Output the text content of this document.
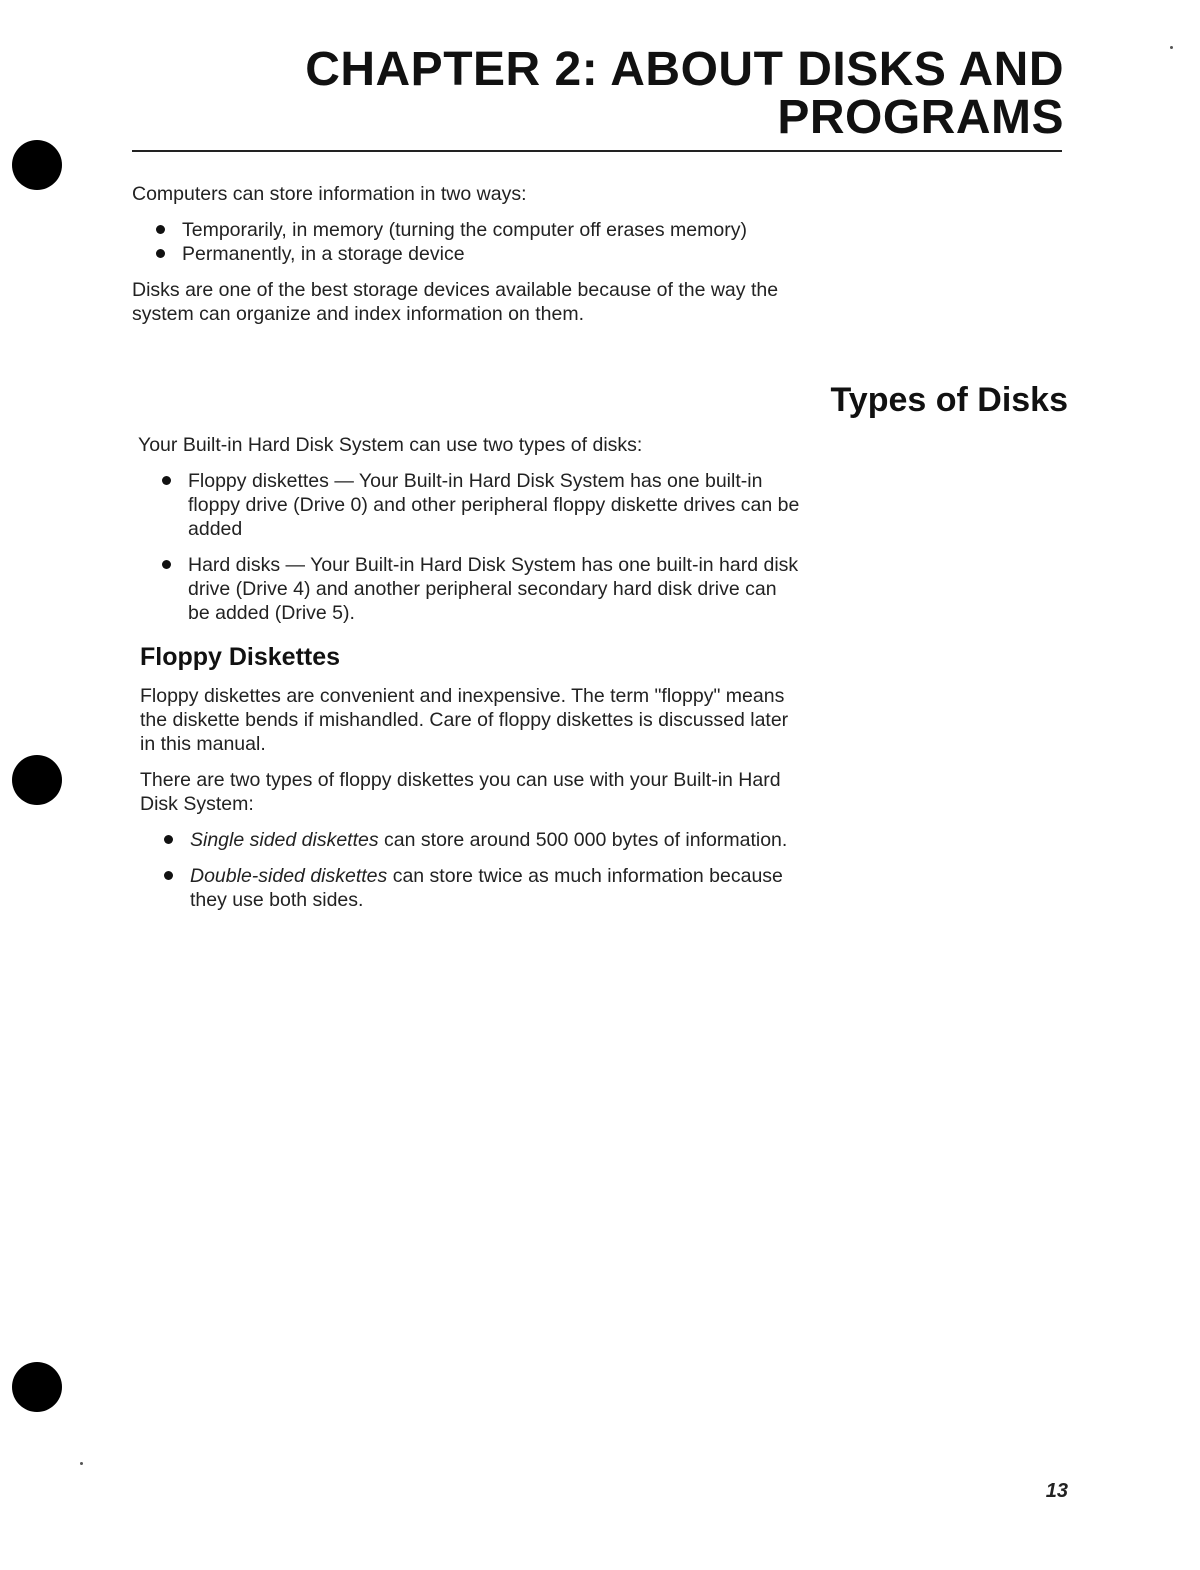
CHAPTER 2: ABOUT DISKS AND
PROGRAMS

Computers can store information in two ways:

Temporarily, in memory (turning the computer off erases memory)
Permanently, in a storage device

Disks are one of the best storage devices available because of the way the system can organize and index information on them.

Types of Disks

Your Built-in Hard Disk System can use two types of disks:

Floppy diskettes — Your Built-in Hard Disk System has one built-in floppy drive (Drive 0) and other peripheral floppy diskette drives can be added
Hard disks — Your Built-in Hard Disk System has one built-in hard disk drive (Drive 4) and another peripheral secondary hard disk drive can be added (Drive 5).
Floppy Diskettes

Floppy diskettes are convenient and inexpensive. The term "floppy" means the diskette bends if mishandled. Care of floppy diskettes is discussed later in this manual.

There are two types of floppy diskettes you can use with your Built-in Hard Disk System:

Single sided diskettes can store around 500 000 bytes of information.
Double-sided diskettes can store twice as much information because they use both sides.
13
